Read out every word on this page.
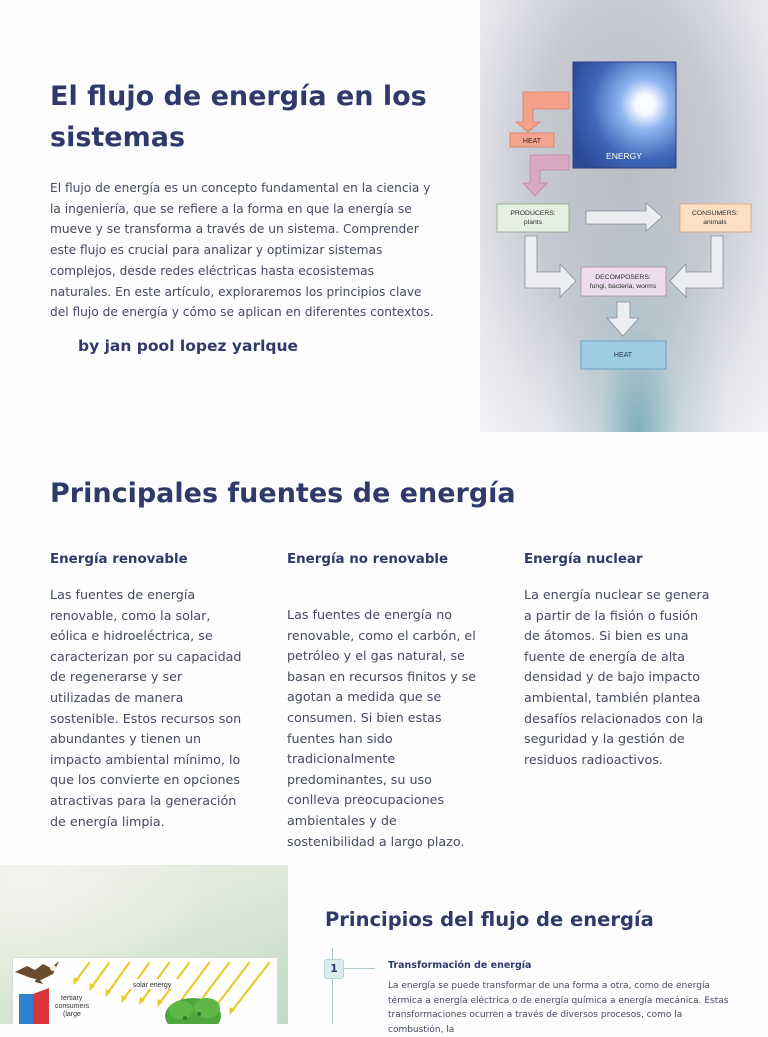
El flujo de energía en los sistemas

El flujo de energía es un concepto fundamental en la ciencia y la ingeniería, que se refiere a la forma en que la energía se mueve y se transforma a través de un sistema. Comprender este flujo es crucial para analizar y optimizar sistemas complejos, desde redes eléctricas hasta ecosistemas naturales. En este artículo, exploraremos los principios clave del flujo de energía y cómo se aplican en diferentes contextos.

by jan pool lopez yarlque

ENERGY
HEAT
PRODUCERS:
plants
CONSUMERS:
animals
DECOMPOSERS:
fungi, bacteria, worms
HEAT
Principales fuentes de energía
Energía renovable

Las fuentes de energía renovable, como la solar, eólica e hidroeléctrica, se caracterizan por su capacidad de regenerarse y ser utilizadas de manera sostenible. Estos recursos son abundantes y tienen un impacto ambiental mínimo, lo que los convierte en opciones atractivas para la generación de energía limpia.

Energía no renovable

Las fuentes de energía no renovable, como el carbón, el petróleo y el gas natural, se basan en recursos finitos y se agotan a medida que se consumen. Si bien estas fuentes han sido tradicionalmente predominantes, su uso conlleva preocupaciones ambientales y de sostenibilidad a largo plazo.

Energía nuclear

La energía nuclear se genera a partir de la fisión o fusión de átomos. Si bien es una fuente de energía de alta densidad y de bajo impacto ambiental, también plantea desafíos relacionados con la seguridad y la gestión de residuos radioactivos.

solar energy
tertiary
consumers
(large
Principios del flujo de energía
1	Transformación de energía

La energía se puede transformar de una forma a otra, como de energía térmica a energía eléctrica o de energía química a energía mecánica. Estas transformaciones ocurren a través de diversos procesos, como la combustión, la
